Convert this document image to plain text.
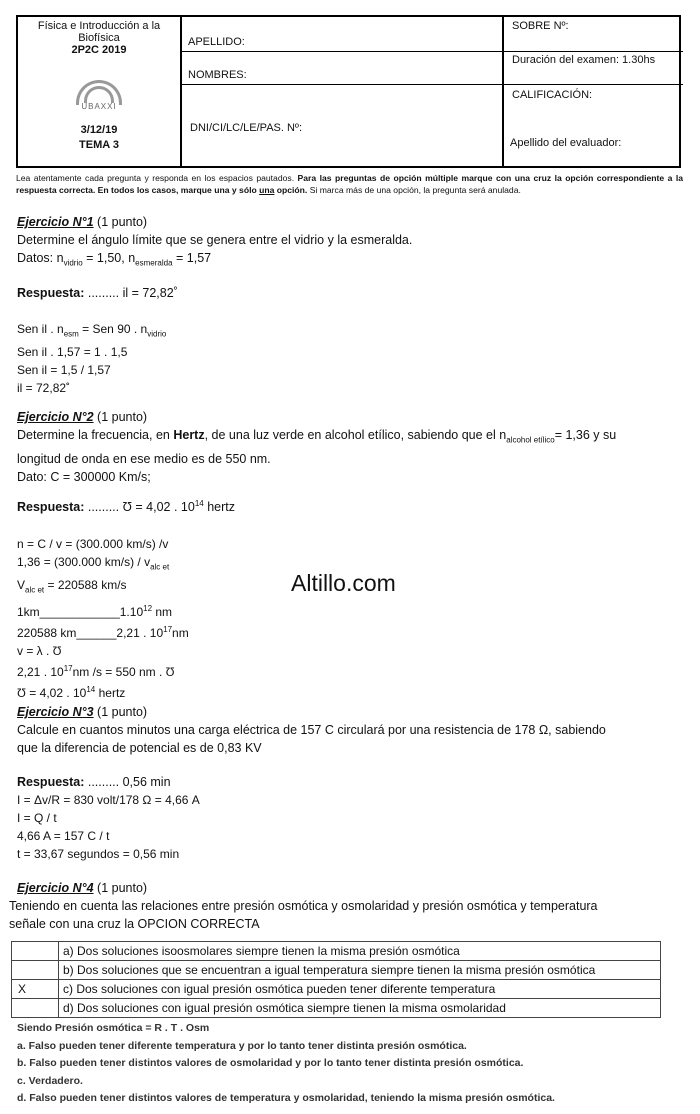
Física e Introducción a la
Biofísica
2P2C 2019
UBAXXI
3/12/19
TEMA 3
APELLIDO:
NOMBRES:
DNI/CI/LC/LE/PAS. Nº:
SOBRE Nº:
Duración del examen: 1.30hs
CALIFICACIÓN:
Apellido del evaluador:
Lea atentamente cada pregunta y responda en los espacios pautados. Para las preguntas de opción múltiple marque con una cruz la opción correspondiente a la respuesta correcta. En todos los casos, marque una y sólo una opción. Si marca más de una opción, la pregunta será anulada.
Ejercicio N°1 (1 punto)
Determine el ángulo límite que se genera entre el vidrio y la esmeralda.
Datos: $n_{vidrio} = 1,50$, $n_{esmeralda} = 1,57$
Respuesta: ......... il = 72,82˚
Sen il . $n_{esm}$ = Sen 90 . $n_{vidrio}$
Sen il . 1,57 = 1 . 1,5
Sen il = 1,5 / 1,57
il = 72,82˚
Ejercicio N°2 (1 punto)
Determine la frecuencia, en Hertz, de una luz verde en alcohol etílico, sabiendo que el $n_{alcohol etílico}= 1,36$ y su
longitud de onda en ese medio es de 550 nm.
Dato: C = 300000 Km/s;
Respuesta: ......... Ʊ = 4,02 . $10^{14}$ hertz
n = C / v = (300.000 km/s) /v
1,36 = (300.000 $km/s) / v_{alc et}$
$V_{alc et} = 220588$ km/s
1km____________1.10$^{12}$ nm
220588 km______2,21 . $10^{17}nm$
v = λ . Ʊ
2,21 . $10^{17}nm$ /s = 550 nm . Ʊ
Ʊ = 4,02 . $10^{14}$ hertz
Altillo.com
Ejercicio N°3 (1 punto)
Calcule en cuantos minutos una carga eléctrica de 157 C circulará por una resistencia de 178 Ω, sabiendo
que la diferencia de potencial es de 0,83 KV
Respuesta: ......... 0,56 min
I = Δv/R = 830 volt/178 Ω = 4,66 A
I = Q / t
4,66 A = 157 C / t
t = 33,67 segundos = 0,56 min
Ejercicio N°4 (1 punto)
Teniendo en cuenta las relaciones entre presión osmótica y osmolaridad y presión osmótica y temperatura
señale con una cruz la OPCION CORRECTA
	a) Dos soluciones isoosmolares siempre tienen la misma presión osmótica
	b) Dos soluciones que se encuentran a igual temperatura siempre tienen la misma presión osmótica
X	c) Dos soluciones con igual presión osmótica pueden tener diferente temperatura
	d) Dos soluciones con igual presión osmótica siempre tienen la misma osmolaridad
Siendo Presión osmótica = R . T . Osm
a. Falso pueden tener diferente temperatura y por lo tanto tener distinta presión osmótica.
b. Falso pueden tener distintos valores de osmolaridad y por lo tanto tener distinta presión osmótica.
c. Verdadero.
d. Falso pueden tener distintos valores de temperatura y osmolaridad, teniendo la misma presión osmótica.
